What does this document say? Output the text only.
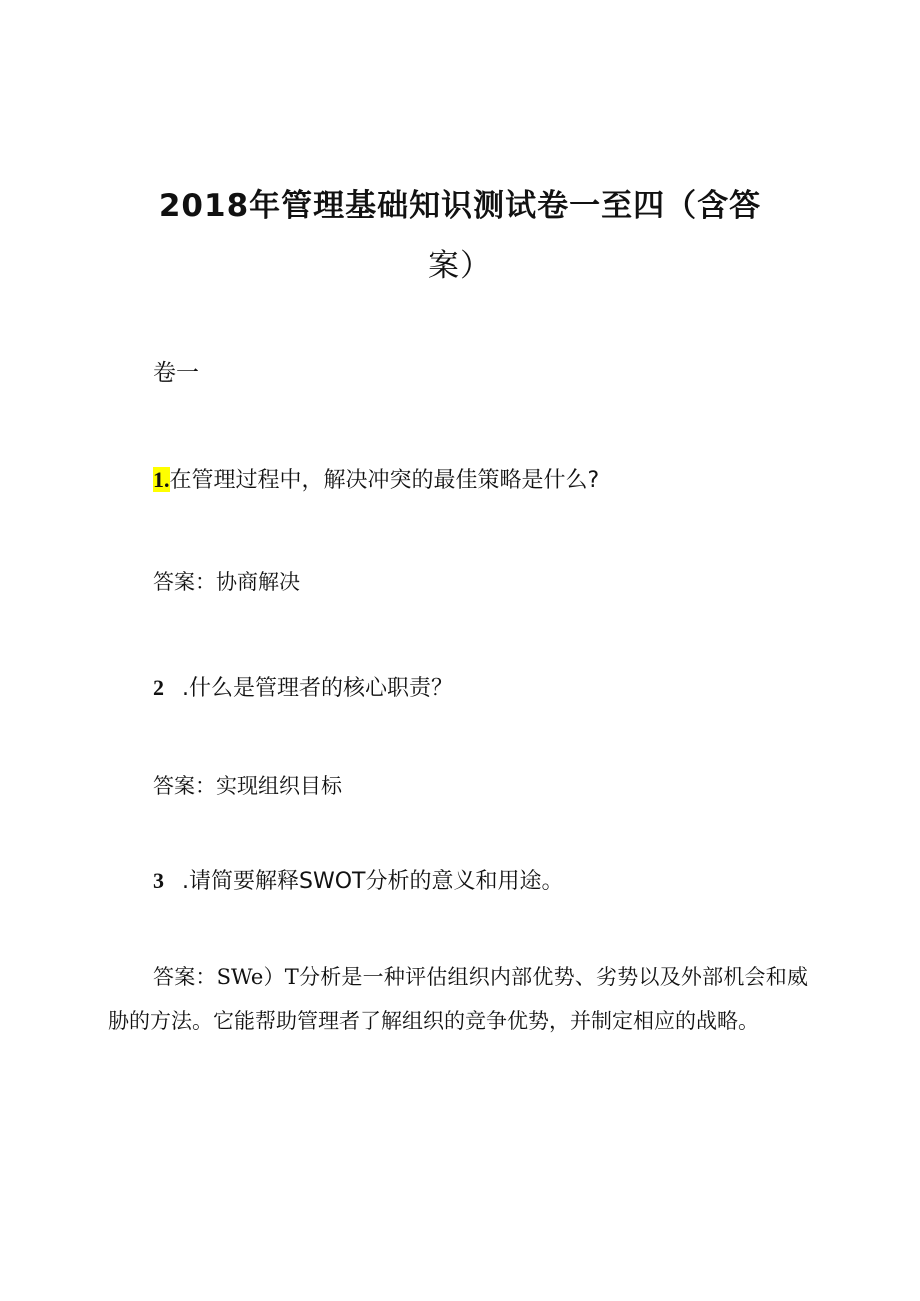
2018年管理基础知识测试卷一至四（含答
案）
卷一
1.在管理过程中，解决冲突的最佳策略是什么?
答案：协商解决
2 .什么是管理者的核心职责？
答案：实现组织目标
3 .请简要解释SWOT分析的意义和用途。
答案：SWe）T分析是一种评估组织内部优势、劣势以及外部机会和威胁的方法。它能帮助管理者了解组织的竞争优势，并制定相应的战略。
